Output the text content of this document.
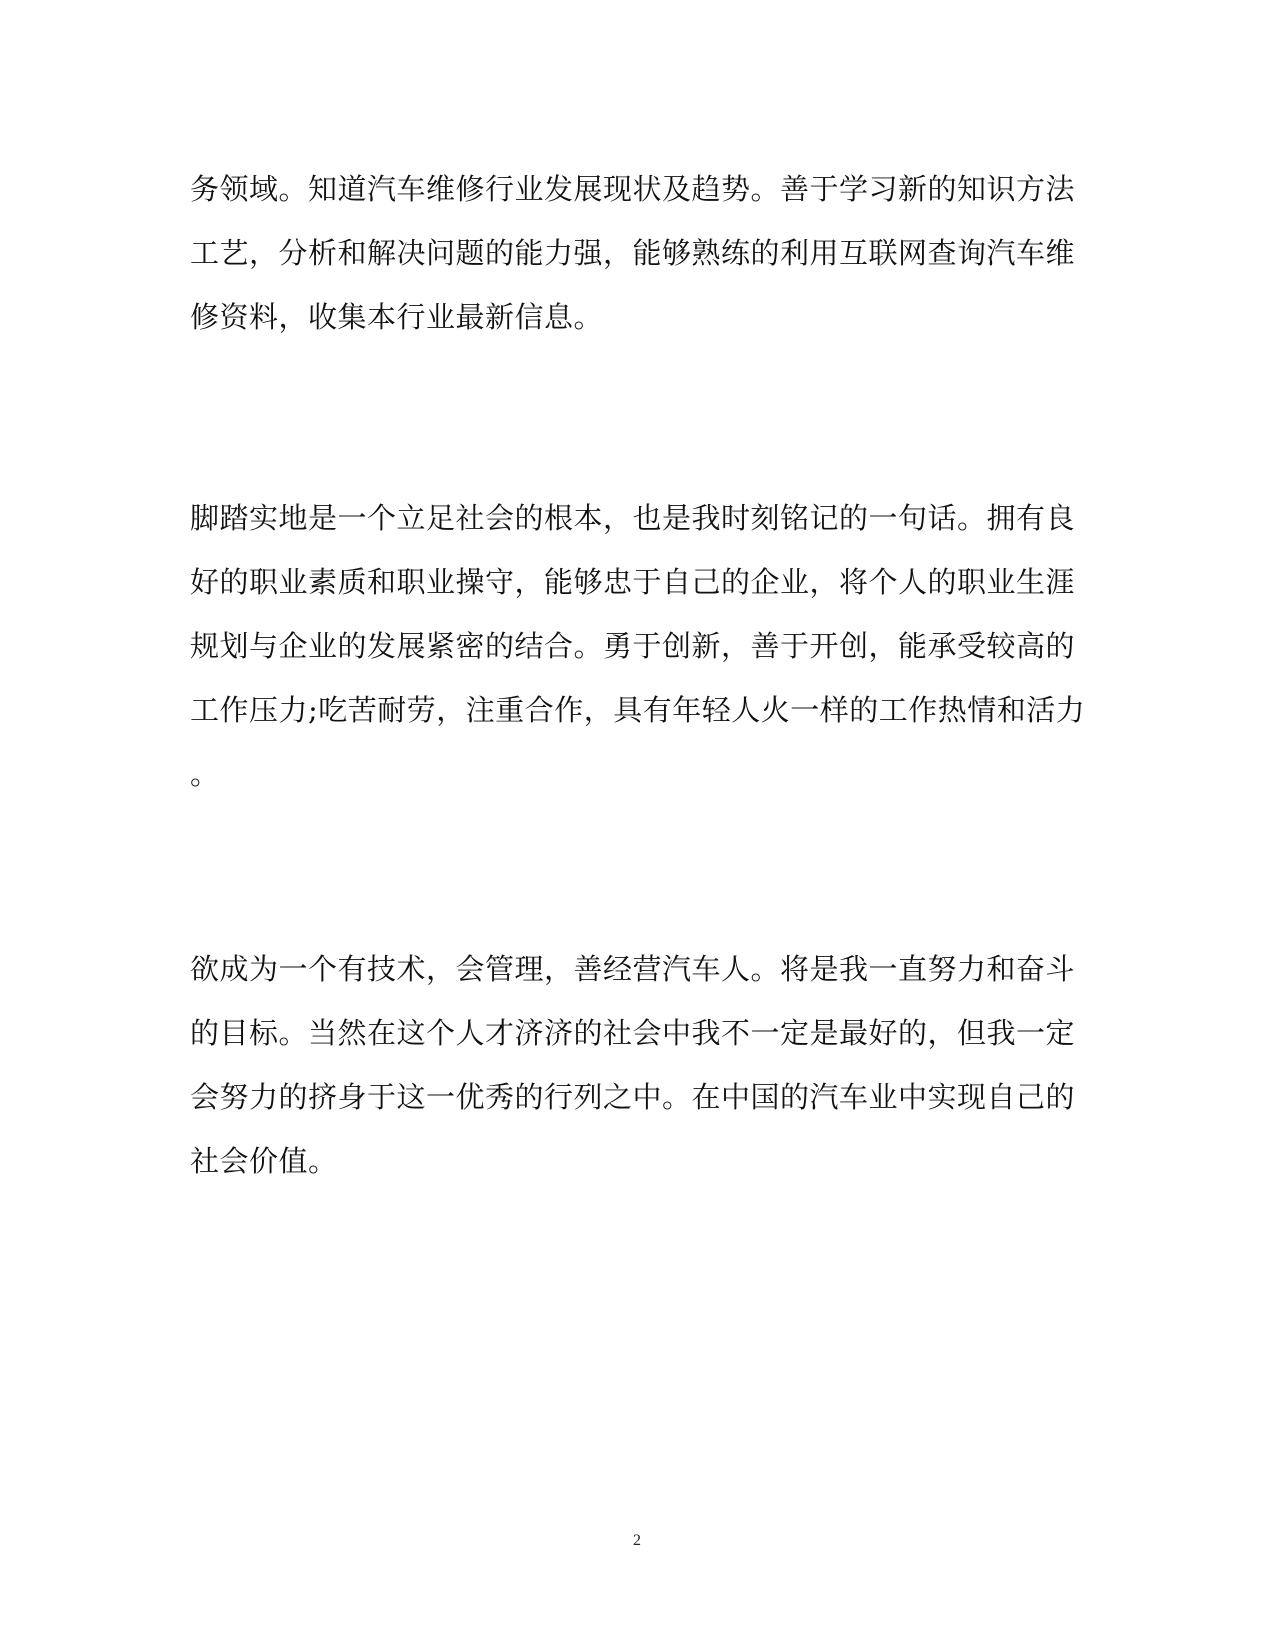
务领域。知道汽车维修行业发展现状及趋势。善于学习新的知识方法
工艺，分析和解决问题的能力强，能够熟练的利用互联网查询汽车维
修资料，收集本行业最新信息。
脚踏实地是一个立足社会的根本，也是我时刻铭记的一句话。拥有良
好的职业素质和职业操守，能够忠于自己的企业，将个人的职业生涯
规划与企业的发展紧密的结合。勇于创新，善于开创，能承受较高的
工作压力;吃苦耐劳，注重合作，具有年轻人火一样的工作热情和活力
。
欲成为一个有技术，会管理，善经营汽车人。将是我一直努力和奋斗
的目标。当然在这个人才济济的社会中我不一定是最好的，但我一定
会努力的挤身于这一优秀的行列之中。在中国的汽车业中实现自己的
社会价值。
2
